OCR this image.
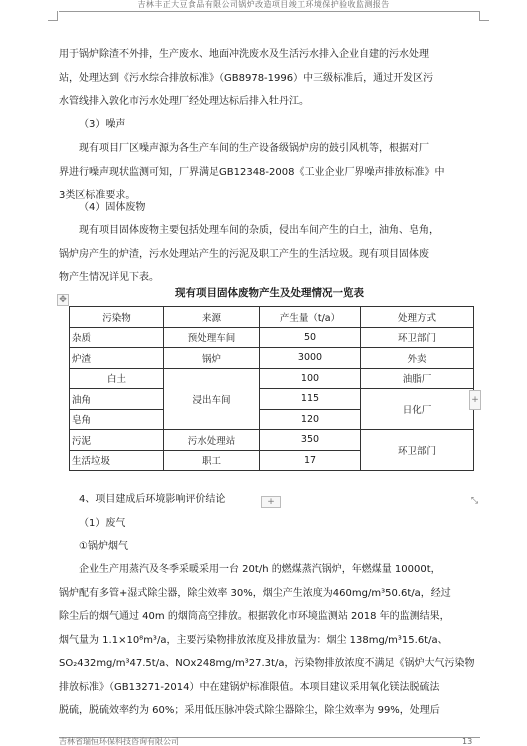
吉林丰正大豆食品有限公司锅炉改造项目竣工环境保护验收监测报告
用于锅炉除渣不外排，生产废水、地面冲洗废水及生活污水排入企业自建的污水处理
站，处理达到《污水综合排放标准》（GB8978-1996）中三级标准后，通过开发区污
水管线排入敦化市污水处理厂经处理达标后排入牡丹江。
（3）噪声
现有项目厂区噪声源为各生产车间的生产设备级锅炉房的鼓引风机等，根据对厂
界进行噪声现状监测可知，厂界满足GB12348-2008《工业企业厂界噪声排放标准》中
3类区标准要求。
（4）固体废物
现有项目固体废物主要包括处理车间的杂质，侵出车间产生的白土，油角、皂角，
锅炉房产生的炉渣，污水处理站产生的污泥及职工产生的生活垃圾。现有项目固体废
物产生情况详见下表。
✥
现有项目固体废物产生及处理情况一览表
污染物	来源	产生量（t/a）	处理方式
杂质	预处理车间	50	环卫部门
炉渣	锅炉	3000	外卖
白土	浸出车间	100	油脂厂
油角		115	日化厂
皂角		120	
污泥	污水处理站	350	环卫部门
生活垃圾	职工	17	
+
+	⤡
4、项目建成后环境影响评价结论
（1）废气
①锅炉烟气
企业生产用蒸汽及冬季采暖采用一台 20t/h 的燃煤蒸汽锅炉，年燃煤量 10000t，
锅炉配有多管+湿式除尘器，除尘效率 30%，烟尘产生浓度为460mg/m³50.6t/a，经过
除尘后的烟气通过 40m 的烟筒高空排放。根据敦化市环境监测站 2018 年的监测结果，
烟气量为 1.1×10⁸m³/a，主要污染物排放浓度及排放量为：烟尘 138mg/m³15.6t/a、
SO₂432mg/m³47.5t/a、NOx248mg/m³27.3t/a，污染物排放浓度不满足《锅炉大气污染物
排放标准》（GB13271-2014）中在建锅炉标准限值。本项目建议采用氧化镁法脱硫法
脱硫，脱硫效率约为 60%；采用低压脉冲袋式除尘器除尘，除尘效率为 99%，处理后
吉林省瑞恒环保科技咨询有限公司	13
